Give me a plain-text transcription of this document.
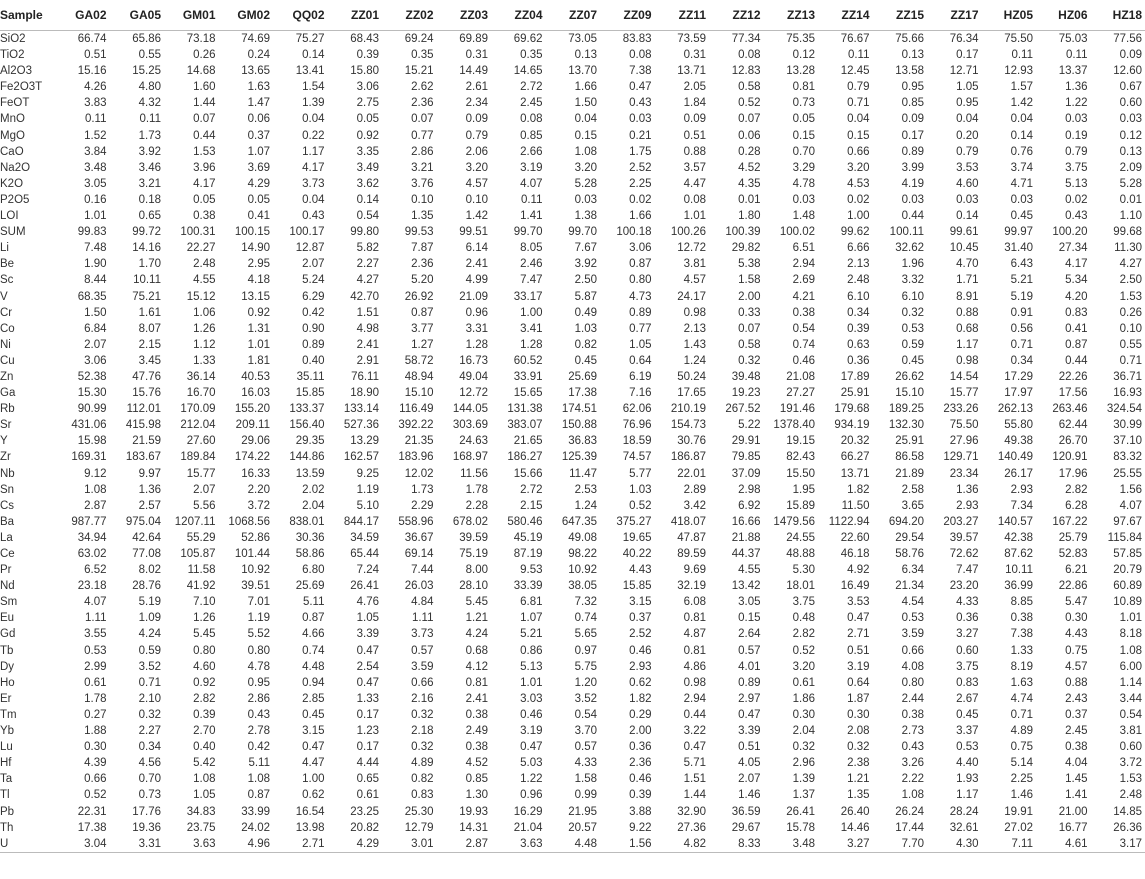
Sample	GA02	GA05	GM01	GM02	QQ02	ZZ01	ZZ02	ZZ03	ZZ04	ZZ07	ZZ09	ZZ11	ZZ12	ZZ13	ZZ14	ZZ15	ZZ17	HZ05	HZ06	HZ18
SiO2	66.74	65.86	73.18	74.69	75.27	68.43	69.24	69.89	69.62	73.05	83.83	73.59	77.34	75.35	76.67	75.66	76.34	75.50	75.03	77.56
TiO2	0.51	0.55	0.26	0.24	0.14	0.39	0.35	0.31	0.35	0.13	0.08	0.31	0.08	0.12	0.11	0.13	0.17	0.11	0.11	0.09
Al2O3	15.16	15.25	14.68	13.65	13.41	15.80	15.21	14.49	14.65	13.70	7.38	13.71	12.83	13.28	12.45	13.58	12.71	12.93	13.37	12.60
Fe2O3T	4.26	4.80	1.60	1.63	1.54	3.06	2.62	2.61	2.72	1.66	0.47	2.05	0.58	0.81	0.79	0.95	1.05	1.57	1.36	0.67
FeOT	3.83	4.32	1.44	1.47	1.39	2.75	2.36	2.34	2.45	1.50	0.43	1.84	0.52	0.73	0.71	0.85	0.95	1.42	1.22	0.60
MnO	0.11	0.11	0.07	0.06	0.04	0.05	0.07	0.09	0.08	0.04	0.03	0.09	0.07	0.05	0.04	0.09	0.04	0.04	0.03	0.03
MgO	1.52	1.73	0.44	0.37	0.22	0.92	0.77	0.79	0.85	0.15	0.21	0.51	0.06	0.15	0.15	0.17	0.20	0.14	0.19	0.12
CaO	3.84	3.92	1.53	1.07	1.17	3.35	2.86	2.06	2.66	1.08	1.75	0.88	0.28	0.70	0.66	0.89	0.79	0.76	0.79	0.13
Na2O	3.48	3.46	3.96	3.69	4.17	3.49	3.21	3.20	3.19	3.20	2.52	3.57	4.52	3.29	3.20	3.99	3.53	3.74	3.75	2.09
K2O	3.05	3.21	4.17	4.29	3.73	3.62	3.76	4.57	4.07	5.28	2.25	4.47	4.35	4.78	4.53	4.19	4.60	4.71	5.13	5.28
P2O5	0.16	0.18	0.05	0.05	0.04	0.14	0.10	0.10	0.11	0.03	0.02	0.08	0.01	0.03	0.02	0.03	0.03	0.03	0.02	0.01
LOI	1.01	0.65	0.38	0.41	0.43	0.54	1.35	1.42	1.41	1.38	1.66	1.01	1.80	1.48	1.00	0.44	0.14	0.45	0.43	1.10
SUM	99.83	99.72	100.31	100.15	100.17	99.80	99.53	99.51	99.70	99.70	100.18	100.26	100.39	100.02	99.62	100.11	99.61	99.97	100.20	99.68
Li	7.48	14.16	22.27	14.90	12.87	5.82	7.87	6.14	8.05	7.67	3.06	12.72	29.82	6.51	6.66	32.62	10.45	31.40	27.34	11.30
Be	1.90	1.70	2.48	2.95	2.07	2.27	2.36	2.41	2.46	3.92	0.87	3.81	5.38	2.94	2.13	1.96	4.70	6.43	4.17	4.27
Sc	8.44	10.11	4.55	4.18	5.24	4.27	5.20	4.99	7.47	2.50	0.80	4.57	1.58	2.69	2.48	3.32	1.71	5.21	5.34	2.50
V	68.35	75.21	15.12	13.15	6.29	42.70	26.92	21.09	33.17	5.87	4.73	24.17	2.00	4.21	6.10	6.10	8.91	5.19	4.20	1.53
Cr	1.50	1.61	1.06	0.92	0.42	1.51	0.87	0.96	1.00	0.49	0.89	0.98	0.33	0.38	0.34	0.32	0.88	0.91	0.83	0.26
Co	6.84	8.07	1.26	1.31	0.90	4.98	3.77	3.31	3.41	1.03	0.77	2.13	0.07	0.54	0.39	0.53	0.68	0.56	0.41	0.10
Ni	2.07	2.15	1.12	1.01	0.89	2.41	1.27	1.28	1.28	0.82	1.05	1.43	0.58	0.74	0.63	0.59	1.17	0.71	0.87	0.55
Cu	3.06	3.45	1.33	1.81	0.40	2.91	58.72	16.73	60.52	0.45	0.64	1.24	0.32	0.46	0.36	0.45	0.98	0.34	0.44	0.71
Zn	52.38	47.76	36.14	40.53	35.11	76.11	48.94	49.04	33.91	25.69	6.19	50.24	39.48	21.08	17.89	26.62	14.54	17.29	22.26	36.71
Ga	15.30	15.76	16.70	16.03	15.85	18.90	15.10	12.72	15.65	17.38	7.16	17.65	19.23	27.27	25.91	15.10	15.77	17.97	17.56	16.93
Rb	90.99	112.01	170.09	155.20	133.37	133.14	116.49	144.05	131.38	174.51	62.06	210.19	267.52	191.46	179.68	189.25	233.26	262.13	263.46	324.54
Sr	431.06	415.98	212.04	209.11	156.40	527.36	392.22	303.69	383.07	150.88	76.96	154.73	5.22	1378.40	934.19	132.30	75.50	55.80	62.44	30.99
Y	15.98	21.59	27.60	29.06	29.35	13.29	21.35	24.63	21.65	36.83	18.59	30.76	29.91	19.15	20.32	25.91	27.96	49.38	26.70	37.10
Zr	169.31	183.67	189.84	174.22	144.86	162.57	183.96	168.97	186.27	125.39	74.57	186.87	79.85	82.43	66.27	86.58	129.71	140.49	120.91	83.32
Nb	9.12	9.97	15.77	16.33	13.59	9.25	12.02	11.56	15.66	11.47	5.77	22.01	37.09	15.50	13.71	21.89	23.34	26.17	17.96	25.55
Sn	1.08	1.36	2.07	2.20	2.02	1.19	1.73	1.78	2.72	2.53	1.03	2.89	2.98	1.95	1.82	2.58	1.36	2.93	2.82	1.56
Cs	2.87	2.57	5.56	3.72	2.04	5.10	2.29	2.28	2.15	1.24	0.52	3.42	6.92	15.89	11.50	3.65	2.93	7.34	6.28	4.07
Ba	987.77	975.04	1207.11	1068.56	838.01	844.17	558.96	678.02	580.46	647.35	375.27	418.07	16.66	1479.56	1122.94	694.20	203.27	140.57	167.22	97.67
La	34.94	42.64	55.29	52.86	30.36	34.59	36.67	39.59	45.19	49.08	19.65	47.87	21.88	24.55	22.60	29.54	39.57	42.38	25.79	115.84
Ce	63.02	77.08	105.87	101.44	58.86	65.44	69.14	75.19	87.19	98.22	40.22	89.59	44.37	48.88	46.18	58.76	72.62	87.62	52.83	57.85
Pr	6.52	8.02	11.58	10.92	6.80	7.24	7.44	8.00	9.53	10.92	4.43	9.69	4.55	5.30	4.92	6.34	7.47	10.11	6.21	20.79
Nd	23.18	28.76	41.92	39.51	25.69	26.41	26.03	28.10	33.39	38.05	15.85	32.19	13.42	18.01	16.49	21.34	23.20	36.99	22.86	60.89
Sm	4.07	5.19	7.10	7.01	5.11	4.76	4.84	5.45	6.81	7.32	3.15	6.08	3.05	3.75	3.53	4.54	4.33	8.85	5.47	10.89
Eu	1.11	1.09	1.26	1.19	0.87	1.05	1.11	1.21	1.07	0.74	0.37	0.81	0.15	0.48	0.47	0.53	0.36	0.38	0.30	1.01
Gd	3.55	4.24	5.45	5.52	4.66	3.39	3.73	4.24	5.21	5.65	2.52	4.87	2.64	2.82	2.71	3.59	3.27	7.38	4.43	8.18
Tb	0.53	0.59	0.80	0.80	0.74	0.47	0.57	0.68	0.86	0.97	0.46	0.81	0.57	0.52	0.51	0.66	0.60	1.33	0.75	1.08
Dy	2.99	3.52	4.60	4.78	4.48	2.54	3.59	4.12	5.13	5.75	2.93	4.86	4.01	3.20	3.19	4.08	3.75	8.19	4.57	6.00
Ho	0.61	0.71	0.92	0.95	0.94	0.47	0.66	0.81	1.01	1.20	0.62	0.98	0.89	0.61	0.64	0.80	0.83	1.63	0.88	1.14
Er	1.78	2.10	2.82	2.86	2.85	1.33	2.16	2.41	3.03	3.52	1.82	2.94	2.97	1.86	1.87	2.44	2.67	4.74	2.43	3.44
Tm	0.27	0.32	0.39	0.43	0.45	0.17	0.32	0.38	0.46	0.54	0.29	0.44	0.47	0.30	0.30	0.38	0.45	0.71	0.37	0.54
Yb	1.88	2.27	2.70	2.78	3.15	1.23	2.18	2.49	3.19	3.70	2.00	3.22	3.39	2.04	2.08	2.73	3.37	4.89	2.45	3.81
Lu	0.30	0.34	0.40	0.42	0.47	0.17	0.32	0.38	0.47	0.57	0.36	0.47	0.51	0.32	0.32	0.43	0.53	0.75	0.38	0.60
Hf	4.39	4.56	5.42	5.11	4.47	4.44	4.89	4.52	5.03	4.33	2.36	5.71	4.05	2.96	2.38	3.26	4.40	5.14	4.04	3.72
Ta	0.66	0.70	1.08	1.08	1.00	0.65	0.82	0.85	1.22	1.58	0.46	1.51	2.07	1.39	1.21	2.22	1.93	2.25	1.45	1.53
Tl	0.52	0.73	1.05	0.87	0.62	0.61	0.83	1.30	0.96	0.99	0.39	1.44	1.46	1.37	1.35	1.08	1.17	1.46	1.41	2.48
Pb	22.31	17.76	34.83	33.99	16.54	23.25	25.30	19.93	16.29	21.95	3.88	32.90	36.59	26.41	26.40	26.24	28.24	19.91	21.00	14.85
Th	17.38	19.36	23.75	24.02	13.98	20.82	12.79	14.31	21.04	20.57	9.22	27.36	29.67	15.78	14.46	17.44	32.61	27.02	16.77	26.36
U	3.04	3.31	3.63	4.96	2.71	4.29	3.01	2.87	3.63	4.48	1.56	4.82	8.33	3.48	3.27	7.70	4.30	7.11	4.61	3.17
